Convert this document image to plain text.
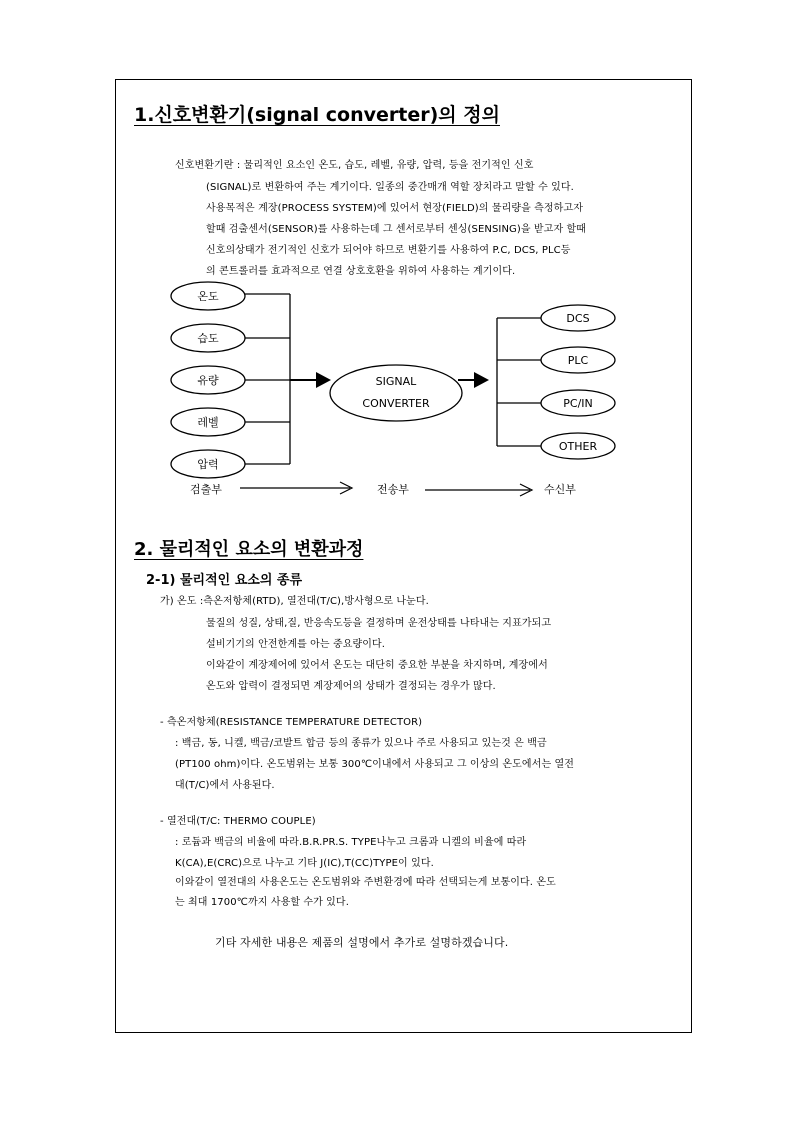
1.신호변환기(signal converter)의 정의
신호변환기란 : 물리적인 요소인 온도, 습도, 레벨, 유량, 압력, 등을 전기적인 신호
(SIGNAL)로 변환하여 주는 계기이다. 일종의 중간매개 역할 장치라고 말할 수 있다.
사용목적은 계장(PROCESS SYSTEM)에 있어서 현장(FIELD)의 물리량을 측정하고자
할때 검출센서(SENSOR)를 사용하는데 그 센서로부터 센싱(SENSING)을 받고자 할때
신호의상태가 전기적인 신호가 되어야 하므로 변환기를 사용하여 P.C, DCS, PLC등
의 콘트롤러를 효과적으로 연결 상호호환을 위하여 사용하는 계기이다.
온도
습도
유량
레벨
압력
SIGNAL
CONVERTER
DCS
PLC
PC/IN
OTHER
검출부	전송부	수신부
2. 물리적인 요소의 변환과정
2-1) 물리적인 요소의 종류
가) 온도 :측온저항체(RTD), 열전대(T/C),방사형으로 나눈다.
물질의 성질, 상태,질, 반응속도등을 결정하며 운전상태를 나타내는 지표가되고
설비기기의 안전한계를 아는 중요량이다.
이와같이 계장제어에 있어서 온도는 대단히 중요한 부분을 차지하며, 계장에서
온도와 압력이 결정되면 계장제어의 상태가 결정되는 경우가 많다.
- 측온저항체(RESISTANCE TEMPERATURE DETECTOR)
: 백금, 동, 니켈, 백금/코발트 합금 등의 종류가 있으나 주로 사용되고 있는것 은 백금
(PT100 ohm)이다. 온도범위는 보통 300℃이내에서 사용되고 그 이상의 온도에서는 열전
대(T/C)에서 사용된다.
- 열전대(T/C: THERMO COUPLE)
: 로듐과 백금의 비율에 따라.B.R.PR.S. TYPE나누고 크롬과 니켈의 비율에 따라
K(CA),E(CRC)으로 나누고 기타 J(IC),T(CC)TYPE이 있다.
이와같이 열전대의 사용온도는 온도범위와 주변환경에 따라 선택되는게 보통이다. 온도
는 최대 1700℃까지 사용할 수가 있다.
기타 자세한 내용은 제품의 설명에서 추가로 설명하겠습니다.
